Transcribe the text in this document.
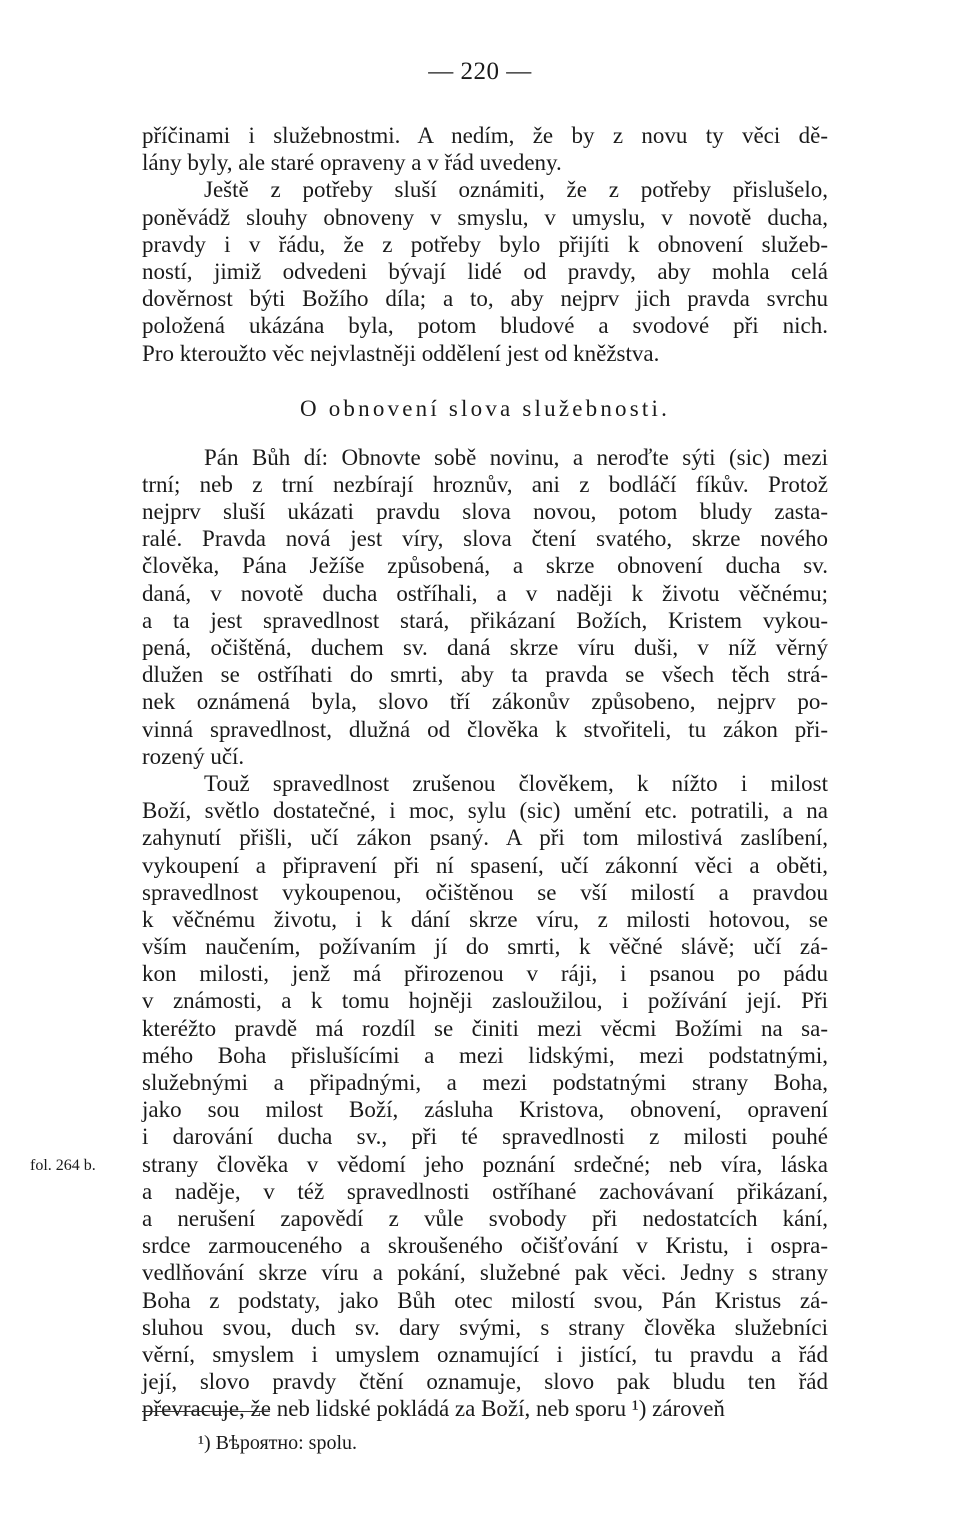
— 220 —
příčinami i služebnostmi. A nedím, že by z novu ty věci dě-
lány byly, ale staré opraveny a v řád uvedeny.
Ještě z potřeby sluší oznámiti, že z potřeby přislušelo,
poněvádž slouhy obnoveny v smyslu, v umyslu, v novotě ducha,
pravdy i v řádu, že z potřeby bylo přijíti k obnovení služeb-
ností, jimiž odvedeni bývají lidé od pravdy, aby mohla celá
dověrnost býti Božího díla; a to, aby nejprv jich pravda svrchu
položená ukázána byla, potom bludové a svodové při nich.
Pro kteroužto věc nejvlastněji oddělení jest od kněžstva.
O obnovení slova služebnosti.
Pán Bůh dí: Obnovte sobě novinu, a neroďte sýti (sic) mezi
trní; neb z trní nezbírají hroznův, ani z bodláčí fíkův. Protož
nejprv sluší ukázati pravdu slova novou, potom bludy zasta-
ralé. Pravda nová jest víry, slova čtení svatého, skrze nového
člověka, Pána Ježíše způsobená, a skrze obnovení ducha sv.
daná, v novotě ducha ostříhali, a v naději k životu věčnému;
a ta jest spravedlnost stará, přikázaní Božích, Kristem vykou-
pená, očištěná, duchem sv. daná skrze víru duši, v níž věrný
dlužen se ostříhati do smrti, aby ta pravda se všech těch strá-
nek oznámená byla, slovo tří zákonův způsobeno, nejprv po-
vinná spravedlnost, dlužná od člověka k stvořiteli, tu zákon při-
rozený učí.
Touž spravedlnost zrušenou člověkem, k nížto i milost
Boží, světlo dostatečné, i moc, sylu (sic) umění etc. potratili, a na
zahynutí přišli, učí zákon psaný. A při tom milostivá zaslíbení,
vykoupení a připravení při ní spasení, učí zákonní věci a oběti,
spravedlnost vykoupenou, očištěnou se vší milostí a pravdou
k věčnému životu, i k dání skrze víru, z milosti hotovou, se
vším naučením, požívaním jí do smrti, k věčné slávě; učí zá-
kon milosti, jenž má přirozenou v ráji, i psanou po pádu
v známosti, a k tomu hojněji zasloužilou, i požívání její. Při
kteréžto pravdě má rozdíl se činiti mezi věcmi Božími na sa-
mého Boha přislušícími a mezi lidskými, mezi podstatnými,
služebnými a připadnými, a mezi podstatnými strany Boha,
jako sou milost Boží, zásluha Kristova, obnovení, opravení
i darování ducha sv., při té spravedlnosti z milosti pouhé
strany člověka v vědomí jeho poznání srdečné; neb víra, láska
a naděje, v též spravedlnosti ostříhané zachovávaní přikázaní,
a nerušení zapovědí z vůle svobody při nedostatcích kání,
srdce zarmouceného a skroušeného očišťování v Kristu, i ospra-
vedlňování skrze víru a pokání, služebné pak věci. Jedny s strany
Boha z podstaty, jako Bůh otec milostí svou, Pán Kristus zá-
sluhou svou, duch sv. dary svými, s strany člověka služebníci
věrní, smyslem i umyslem oznamující i jistící, tu pravdu a řád
její, slovo pravdy čtění oznamuje, slovo pak bludu ten řád
převracuje, že neb lidské pokládá za Boží, neb sporu ¹) zároveň
fol. 264 b.
¹) Вѣроятно: spolu.
